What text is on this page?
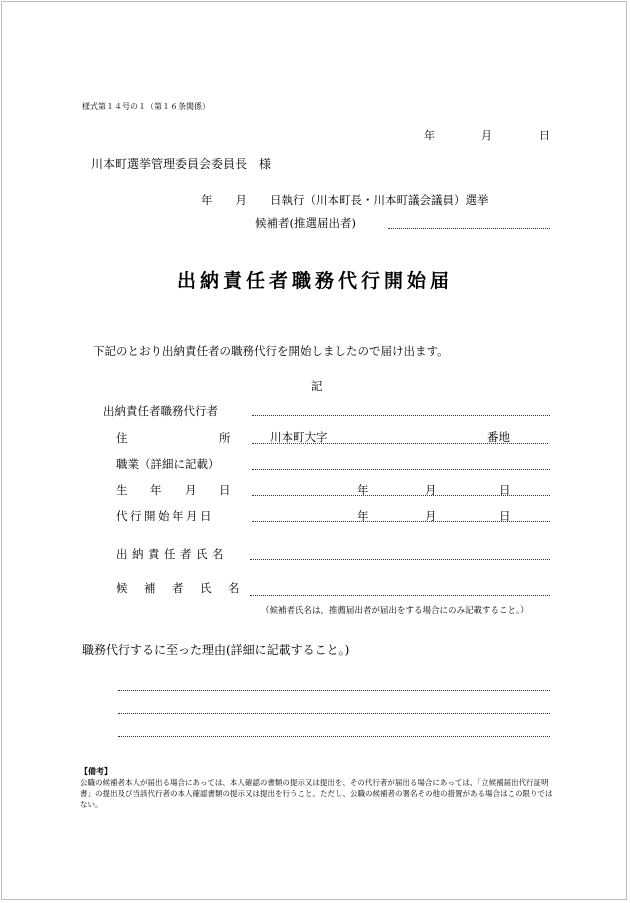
様式第１４号の１（第１６条関係）
年	月	日
川本町選挙管理委員会委員長　様
年　　月　　日執行（川本町長・川本町議会議員）選挙
候補者(推選届出者)
出納責任者職務代行開始届
下記のとおり出納責任者の職務代行を開始しましたので届け出ます。
記
出納責任者職務代行者
住	所	川本町大字	番地
職業（詳細に記載）
生 年 月 日	年	月	日
代行開始年月日	年	月	日
出納責任者氏名
候 補 者 氏 名
（候補者氏名は，推薦届出者が届出をする場合にのみ記載すること。）
職務代行するに至った理由(詳細に記載すること。)
【備考】
公職の候補者本人が届出る場合にあっては、本人確認の書類の提示又は提出を、その代行者が届出る場合にあっては、「立候補届出代行証明書」の提出及び当該代行者の本人確認書類の提示又は提出を行うこと。ただし、公職の候補者の署名その他の措置がある場合はこの限りではない。
